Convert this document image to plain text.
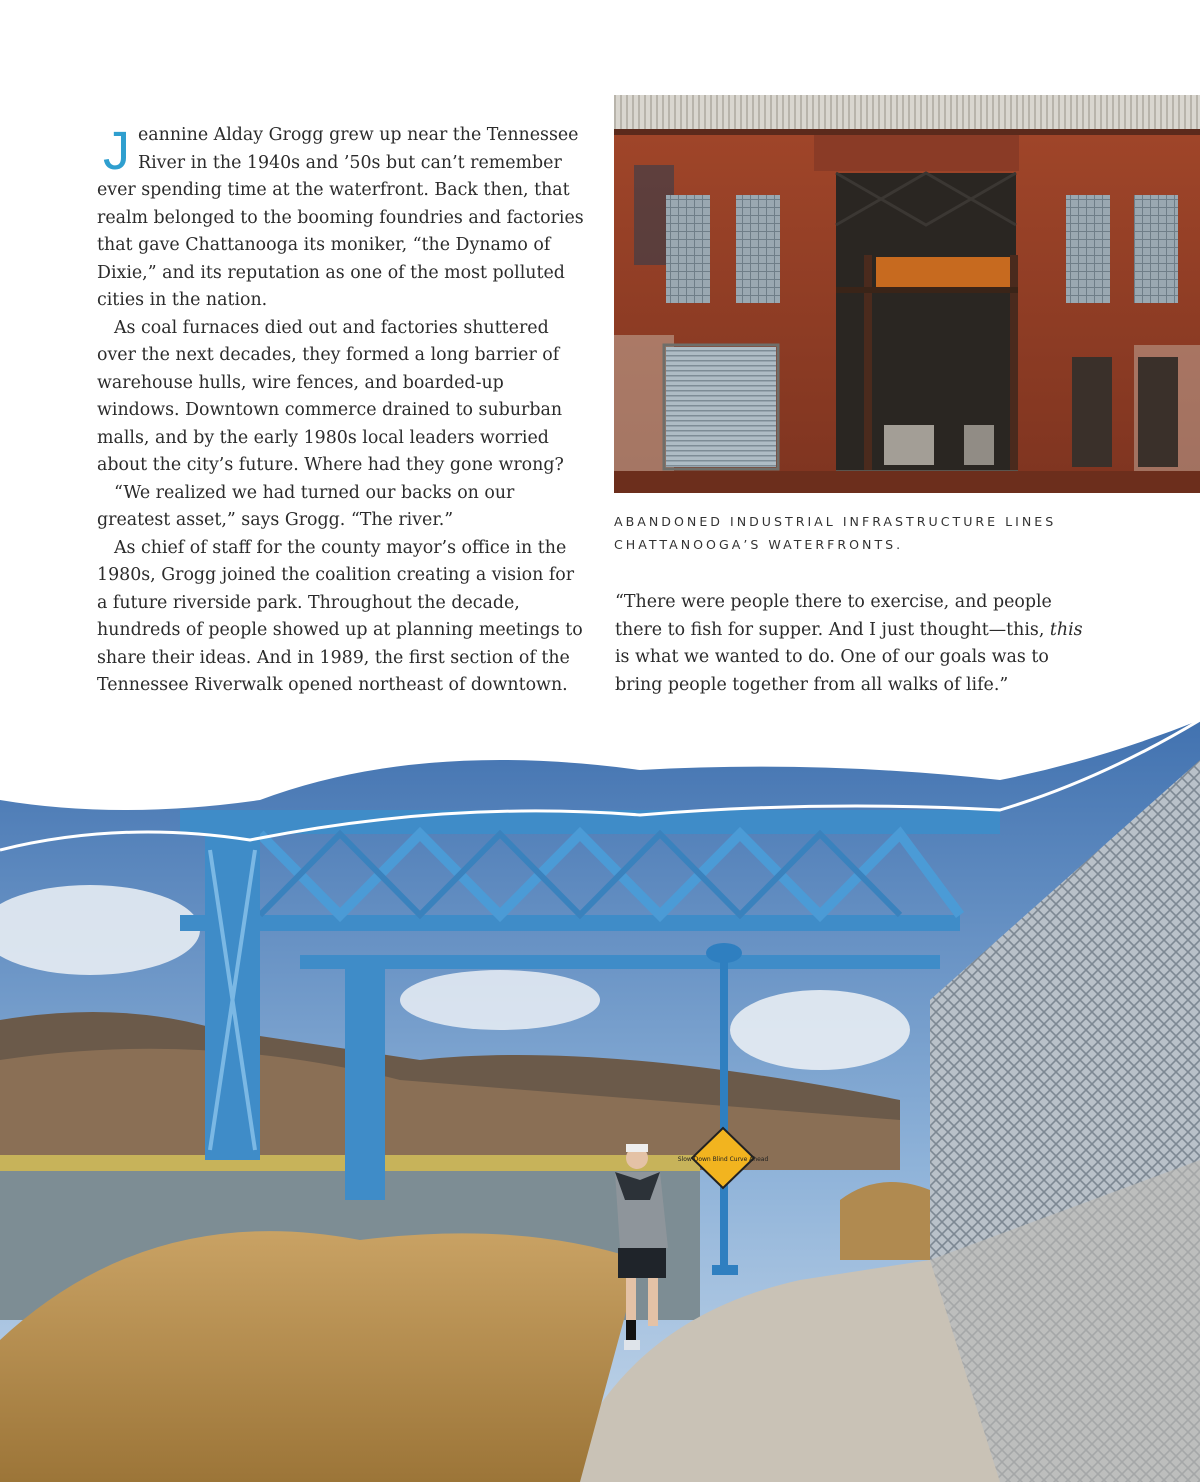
Jeannine Alday Grogg grew up near the Tennessee River in the 1940s and ’50s but can’t remember ever spending time at the waterfront. Back then, that realm belonged to the booming foundries and factories that gave Chattanooga its moniker, “the Dynamo of Dixie,” and its reputation as one of the most polluted cities in the nation.

As coal furnaces died out and factories shuttered over the next decades, they formed a long barrier of warehouse hulls, wire fences, and boarded-up windows. Downtown commerce drained to suburban malls, and by the early 1980s local leaders worried about the city’s future. Where had they gone wrong?

“We realized we had turned our backs on our greatest asset,” says Grogg. “The river.”

As chief of staff for the county mayor’s office in the 1980s, Grogg joined the coalition creating a vision for a future riverside park. Throughout the decade, hundreds of people showed up at planning meetings to share their ideas. And in 1989, the first section of the Tennessee Riverwalk opened northeast of downtown.

ABANDONED INDUSTRIAL INFRASTRUCTURE LINES CHATTANOOGA’S WATERFRONTS.

“There were people there to exercise, and people there to fish for supper. And I just thought—this, this is what we wanted to do. One of our goals was to bring people together from all walks of life.”

Slow Down Blind Curve Ahead
